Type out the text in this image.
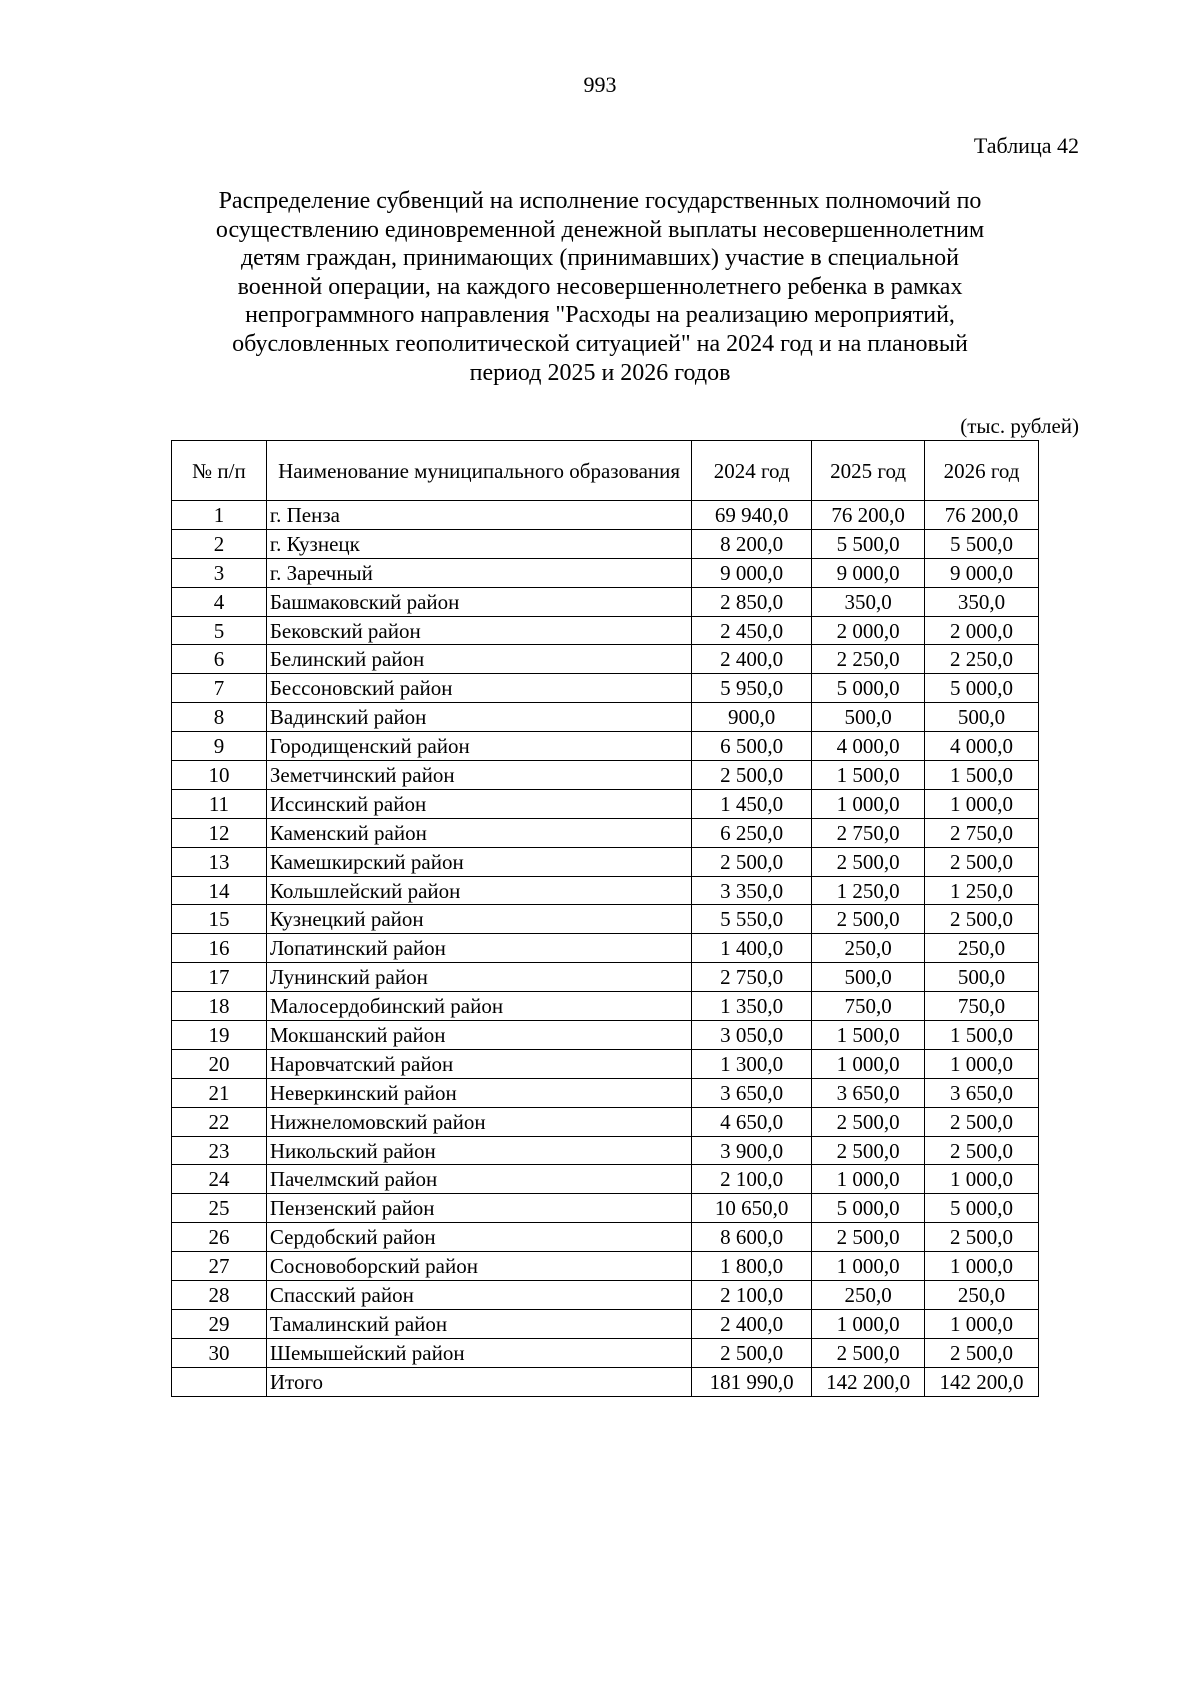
993
Таблица 42
Распределение субвенций на исполнение государственных полномочий по
осуществлению единовременной денежной выплаты несовершеннолетним
детям граждан, принимающих (принимавших) участие в специальной
военной операции, на каждого несовершеннолетнего ребенка в рамках
непрограммного направления "Расходы на реализацию мероприятий,
обусловленных геополитической ситуацией" на 2024 год и на плановый
период 2025 и 2026 годов
(тыс. рублей)
№ п/п	Наименование муниципального образования	2024 год	2025 год	2026 год
1	г. Пенза	69 940,0	76 200,0	76 200,0
2	г. Кузнецк	8 200,0	5 500,0	5 500,0
3	г. Заречный	9 000,0	9 000,0	9 000,0
4	Башмаковский район	2 850,0	350,0	350,0
5	Бековский район	2 450,0	2 000,0	2 000,0
6	Белинский район	2 400,0	2 250,0	2 250,0
7	Бессоновский район	5 950,0	5 000,0	5 000,0
8	Вадинский район	900,0	500,0	500,0
9	Городищенский район	6 500,0	4 000,0	4 000,0
10	Земетчинский район	2 500,0	1 500,0	1 500,0
11	Иссинский район	1 450,0	1 000,0	1 000,0
12	Каменский район	6 250,0	2 750,0	2 750,0
13	Камешкирский район	2 500,0	2 500,0	2 500,0
14	Кольшлейский район	3 350,0	1 250,0	1 250,0
15	Кузнецкий район	5 550,0	2 500,0	2 500,0
16	Лопатинский район	1 400,0	250,0	250,0
17	Лунинский район	2 750,0	500,0	500,0
18	Малосердобинский район	1 350,0	750,0	750,0
19	Мокшанский район	3 050,0	1 500,0	1 500,0
20	Наровчатский район	1 300,0	1 000,0	1 000,0
21	Неверкинский район	3 650,0	3 650,0	3 650,0
22	Нижнеломовский район	4 650,0	2 500,0	2 500,0
23	Никольский район	3 900,0	2 500,0	2 500,0
24	Пачелмский район	2 100,0	1 000,0	1 000,0
25	Пензенский район	10 650,0	5 000,0	5 000,0
26	Сердобский район	8 600,0	2 500,0	2 500,0
27	Сосновоборский район	1 800,0	1 000,0	1 000,0
28	Спасский район	2 100,0	250,0	250,0
29	Тамалинский район	2 400,0	1 000,0	1 000,0
30	Шемышейский район	2 500,0	2 500,0	2 500,0
	Итого	181 990,0	142 200,0	142 200,0
